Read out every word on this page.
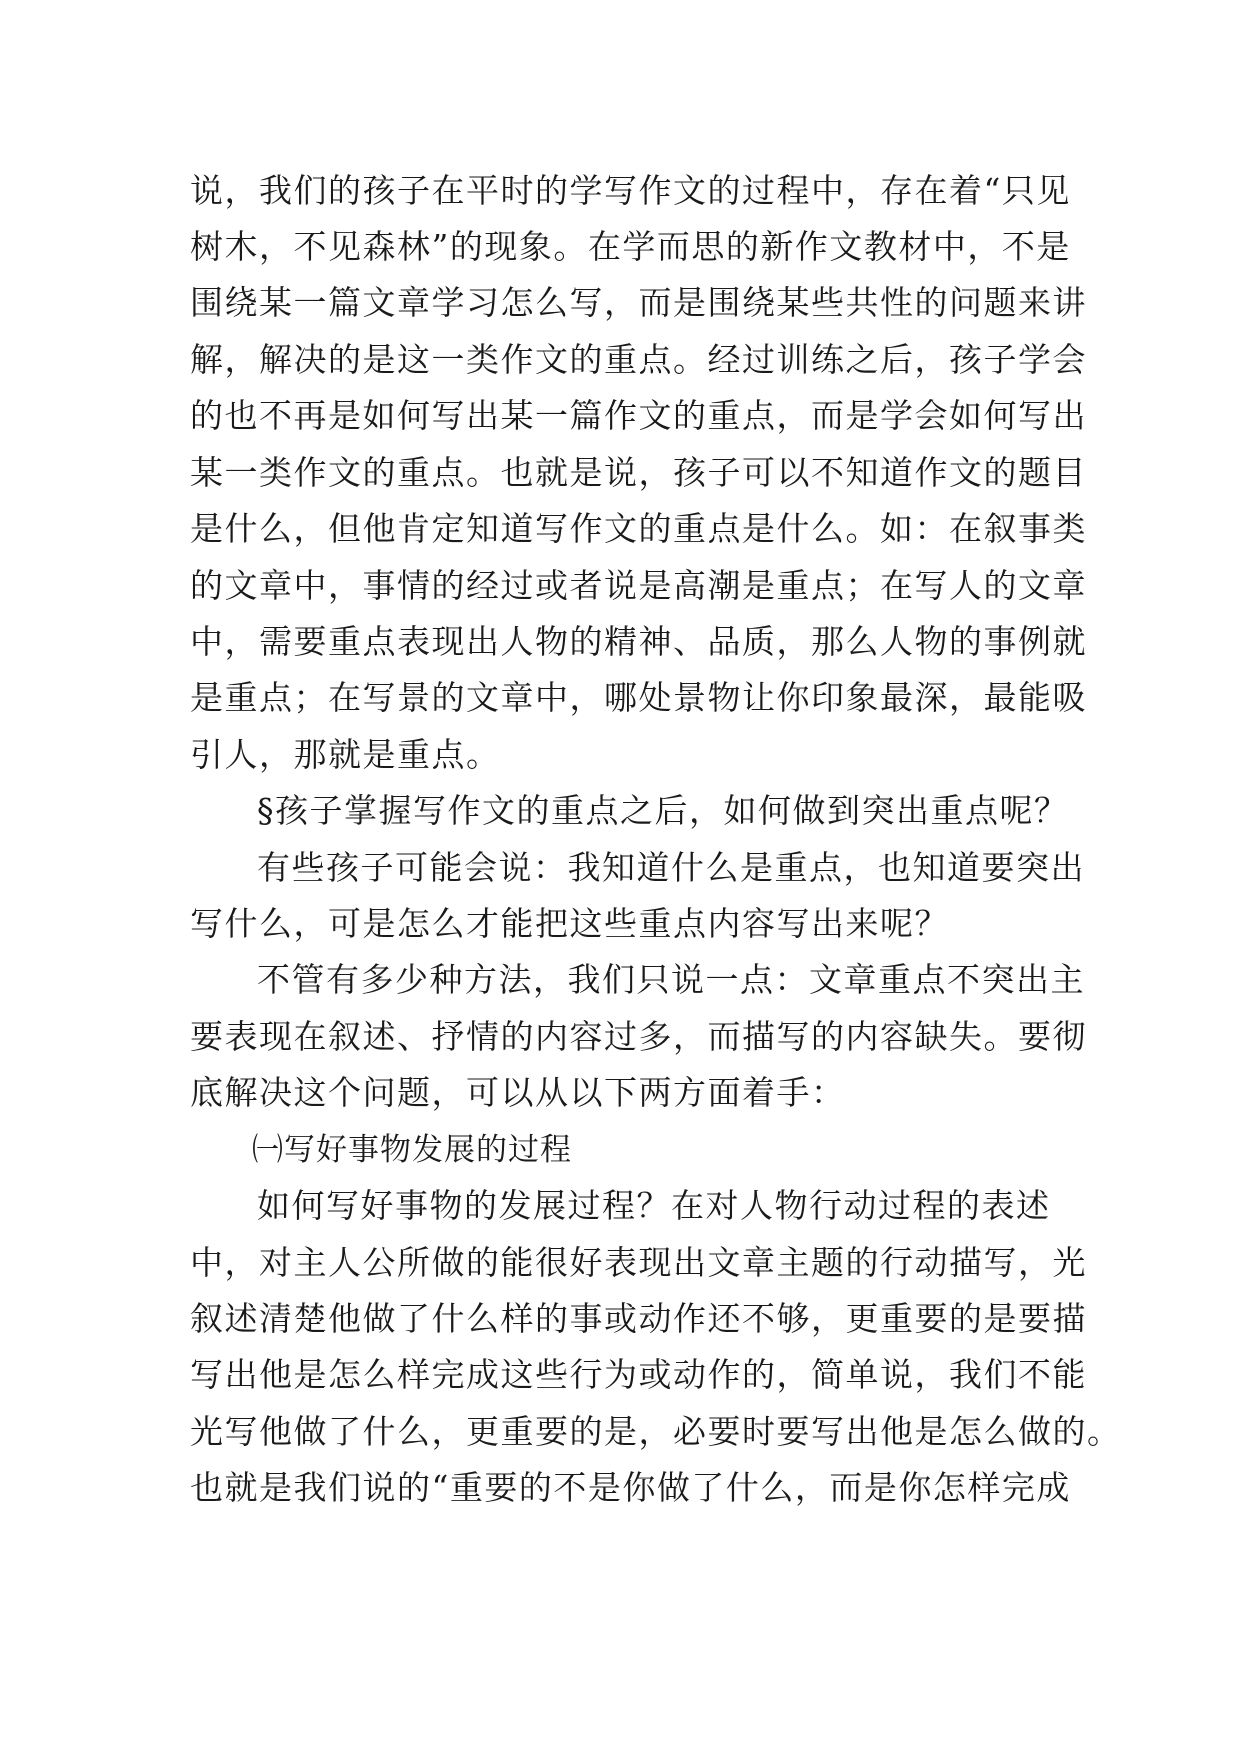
说，我们的孩子在平时的学写作文的过程中，存在着“只见
树木，不见森林”的现象。在学而思的新作文教材中，不是
围绕某一篇文章学习怎么写，而是围绕某些共性的问题来讲
解，解决的是这一类作文的重点。经过训练之后，孩子学会
的也不再是如何写出某一篇作文的重点，而是学会如何写出
某一类作文的重点。也就是说，孩子可以不知道作文的题目
是什么，但他肯定知道写作文的重点是什么。如：在叙事类
的文章中，事情的经过或者说是高潮是重点；在写人的文章
中，需要重点表现出人物的精神、品质，那么人物的事例就
是重点；在写景的文章中，哪处景物让你印象最深，最能吸
引人，那就是重点。
§孩子掌握写作文的重点之后，如何做到突出重点呢？
有些孩子可能会说：我知道什么是重点，也知道要突出
写什么，可是怎么才能把这些重点内容写出来呢？
不管有多少种方法，我们只说一点：文章重点不突出主
要表现在叙述、抒情的内容过多，而描写的内容缺失。要彻
底解决这个问题，可以从以下两方面着手：
㈠写好事物发展的过程
如何写好事物的发展过程？在对人物行动过程的表述
中，对主人公所做的能很好表现出文章主题的行动描写，光
叙述清楚他做了什么样的事或动作还不够，更重要的是要描
写出他是怎么样完成这些行为或动作的，简单说，我们不能
光写他做了什么，更重要的是，必要时要写出他是怎么做的。
也就是我们说的“重要的不是你做了什么，而是你怎样完成
